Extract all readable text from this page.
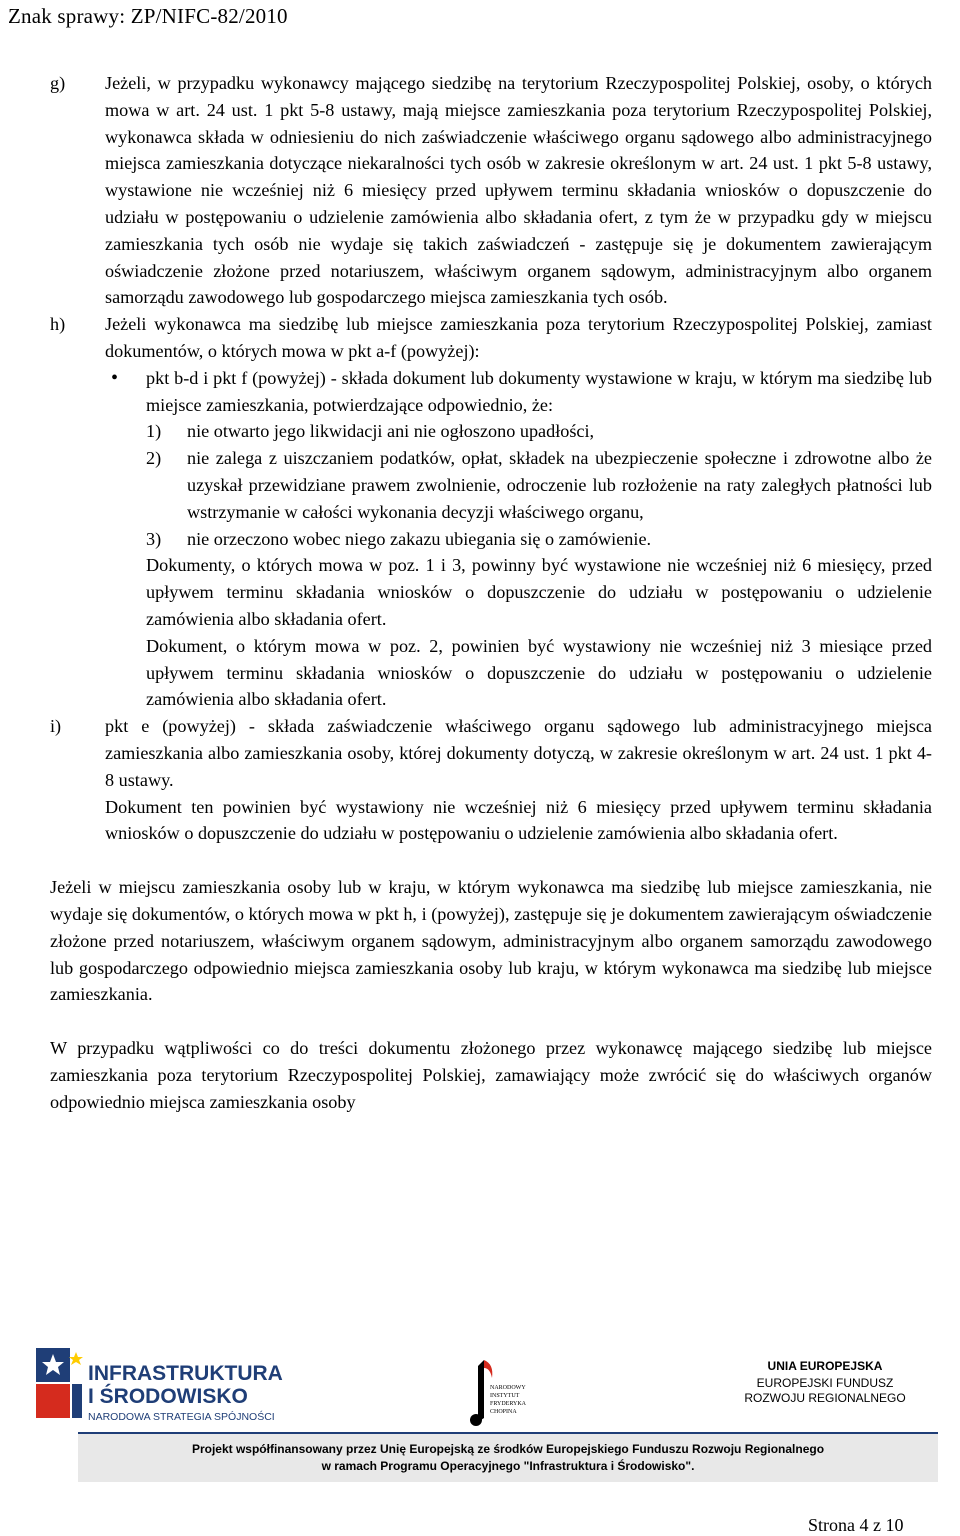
Znak sprawy: ZP/NIFC-82/2010
g) Jeżeli, w przypadku wykonawcy mającego siedzibę na terytorium Rzeczypospolitej Polskiej, osoby, o których mowa w art. 24 ust. 1 pkt 5-8 ustawy, mają miejsce zamieszkania poza terytorium Rzeczypospolitej Polskiej, wykonawca składa w odniesieniu do nich zaświadczenie właściwego organu sądowego albo administracyjnego miejsca zamieszkania dotyczące niekaralności tych osób w zakresie określonym w art. 24 ust. 1 pkt 5-8 ustawy, wystawione nie wcześniej niż 6 miesięcy przed upływem terminu składania wniosków o dopuszczenie do udziału w postępowaniu o udzielenie zamówienia albo składania ofert, z tym że w przypadku gdy w miejscu zamieszkania tych osób nie wydaje się takich zaświadczeń - zastępuje się je dokumentem zawierającym oświadczenie złożone przed notariuszem, właściwym organem sądowym, administracyjnym albo organem samorządu zawodowego lub gospodarczego miejsca zamieszkania tych osób.

h) Jeżeli wykonawca ma siedzibę lub miejsce zamieszkania poza terytorium Rzeczypospolitej Polskiej, zamiast dokumentów, o których mowa w pkt a-f (powyżej):

• pkt b-d i pkt f (powyżej) - składa dokument lub dokumenty wystawione w kraju, w którym ma siedzibę lub miejsce zamieszkania, potwierdzające odpowiednio, że:

1) nie otwarto jego likwidacji ani nie ogłoszono upadłości,

2) nie zalega z uiszczaniem podatków, opłat, składek na ubezpieczenie społeczne i zdrowotne albo że uzyskał przewidziane prawem zwolnienie, odroczenie lub rozłożenie na raty zaległych płatności lub wstrzymanie w całości wykonania decyzji właściwego organu,

3) nie orzeczono wobec niego zakazu ubiegania się o zamówienie.

Dokumenty, o których mowa w poz. 1 i 3, powinny być wystawione nie wcześniej niż 6 miesięcy, przed upływem terminu składania wniosków o dopuszczenie do udziału w postępowaniu o udzielenie zamówienia albo składania ofert.

Dokument, o którym mowa w poz. 2, powinien być wystawiony nie wcześniej niż 3 miesiące przed upływem terminu składania wniosków o dopuszczenie do udziału w postępowaniu o udzielenie zamówienia albo składania ofert.

i) pkt e (powyżej) - składa zaświadczenie właściwego organu sądowego lub administracyjnego miejsca zamieszkania albo zamieszkania osoby, której dokumenty dotyczą, w zakresie określonym w art. 24 ust. 1 pkt 4-8 ustawy.

Dokument ten powinien być wystawiony nie wcześniej niż 6 miesięcy przed upływem terminu składania wniosków o dopuszczenie do udziału w postępowaniu o udzielenie zamówienia albo składania ofert.

Jeżeli w miejscu zamieszkania osoby lub w kraju, w którym wykonawca ma siedzibę lub miejsce zamieszkania, nie wydaje się dokumentów, o których mowa w pkt h, i (powyżej), zastępuje się je dokumentem zawierającym oświadczenie złożone przed notariuszem, właściwym organem sądowym, administracyjnym albo organem samorządu zawodowego lub gospodarczego odpowiednio miejsca zamieszkania osoby lub kraju, w którym wykonawca ma siedzibę lub miejsce zamieszkania.

W przypadku wątpliwości co do treści dokumentu złożonego przez wykonawcę mającego siedzibę lub miejsce zamieszkania poza terytorium Rzeczypospolitej Polskiej, zamawiający może zwrócić się do właściwych organów odpowiednio miejsca zamieszkania osoby

INFRASTRUKTURA
I ŚRODOWISKO
NARODOWA STRATEGIA SPÓJNOŚCI
NARODOWY
INSTYTUT
FRYDERYKA
CHOPINA
UNIA EUROPEJSKA
EUROPEJSKI FUNDUSZ
ROZWOJU REGIONALNEGO
Projekt współfinansowany przez Unię Europejską ze środków Europejskiego Funduszu Rozwoju Regionalnego
w ramach Programu Operacyjnego "Infrastruktura i Środowisko".
Strona 4 z 10
